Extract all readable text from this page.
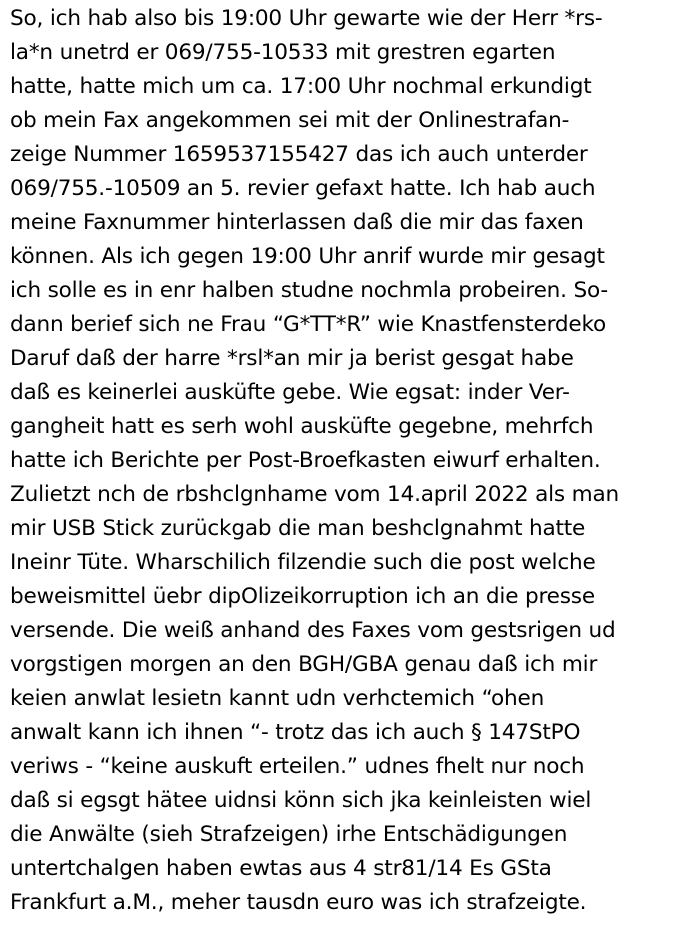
So, ich hab also bis 19:00 Uhr gewarte wie der Herr *rs-
la*n unetrd er 069/755-10533 mit grestren egarten
hatte, hatte mich um ca. 17:00 Uhr nochmal erkundigt
ob mein Fax angekommen sei mit der Onlinestrafan-
zeige Nummer 1659537155427 das ich auch unterder
069/755.-10509 an 5. revier gefaxt hatte. Ich hab auch
meine Faxnummer hinterlassen daß die mir das faxen
können. Als ich gegen 19:00 Uhr anrif wurde mir gesagt
ich solle es in enr halben studne nochmla probeiren. So-
dann berief sich ne Frau “G*TT*R” wie Knastfensterdeko
Daruf daß der harre *rsl*an mir ja berist gesgat habe
daß es keinerlei ausküfte gebe. Wie egsat: inder Ver-
gangheit hatt es serh wohl ausküfte gegebne, mehrfch
hatte ich Berichte per Post-Broefkasten eiwurf erhalten.
Zulietzt nch de rbshclgnhame vom 14.april 2022 als man
mir USB Stick zurückgab die man beshclgnahmt hatte
Ineinr Tüte. Wharschilich filzendie such die post welche
beweismittel üebr dipOlizeikorruption ich an die presse
versende. Die weiß anhand des Faxes vom gestsrigen ud
vorgstigen morgen an den BGH/GBA genau daß ich mir
keien anwlat lesietn kannt udn verhctemich “ohen
anwalt kann ich ihnen “- trotz das ich auch § 147StPO
veriws - “keine auskuft erteilen.” udnes fhelt nur noch
daß si egsgt hätee uidnsi könn sich jka keinleisten wiel
die Anwälte (sieh Strafzeigen) irhe Entschädigungen
untertchalgen haben ewtas aus 4 str81/14 Es GSta
Frankfurt a.M., meher tausdn euro was ich strafzeigte.
